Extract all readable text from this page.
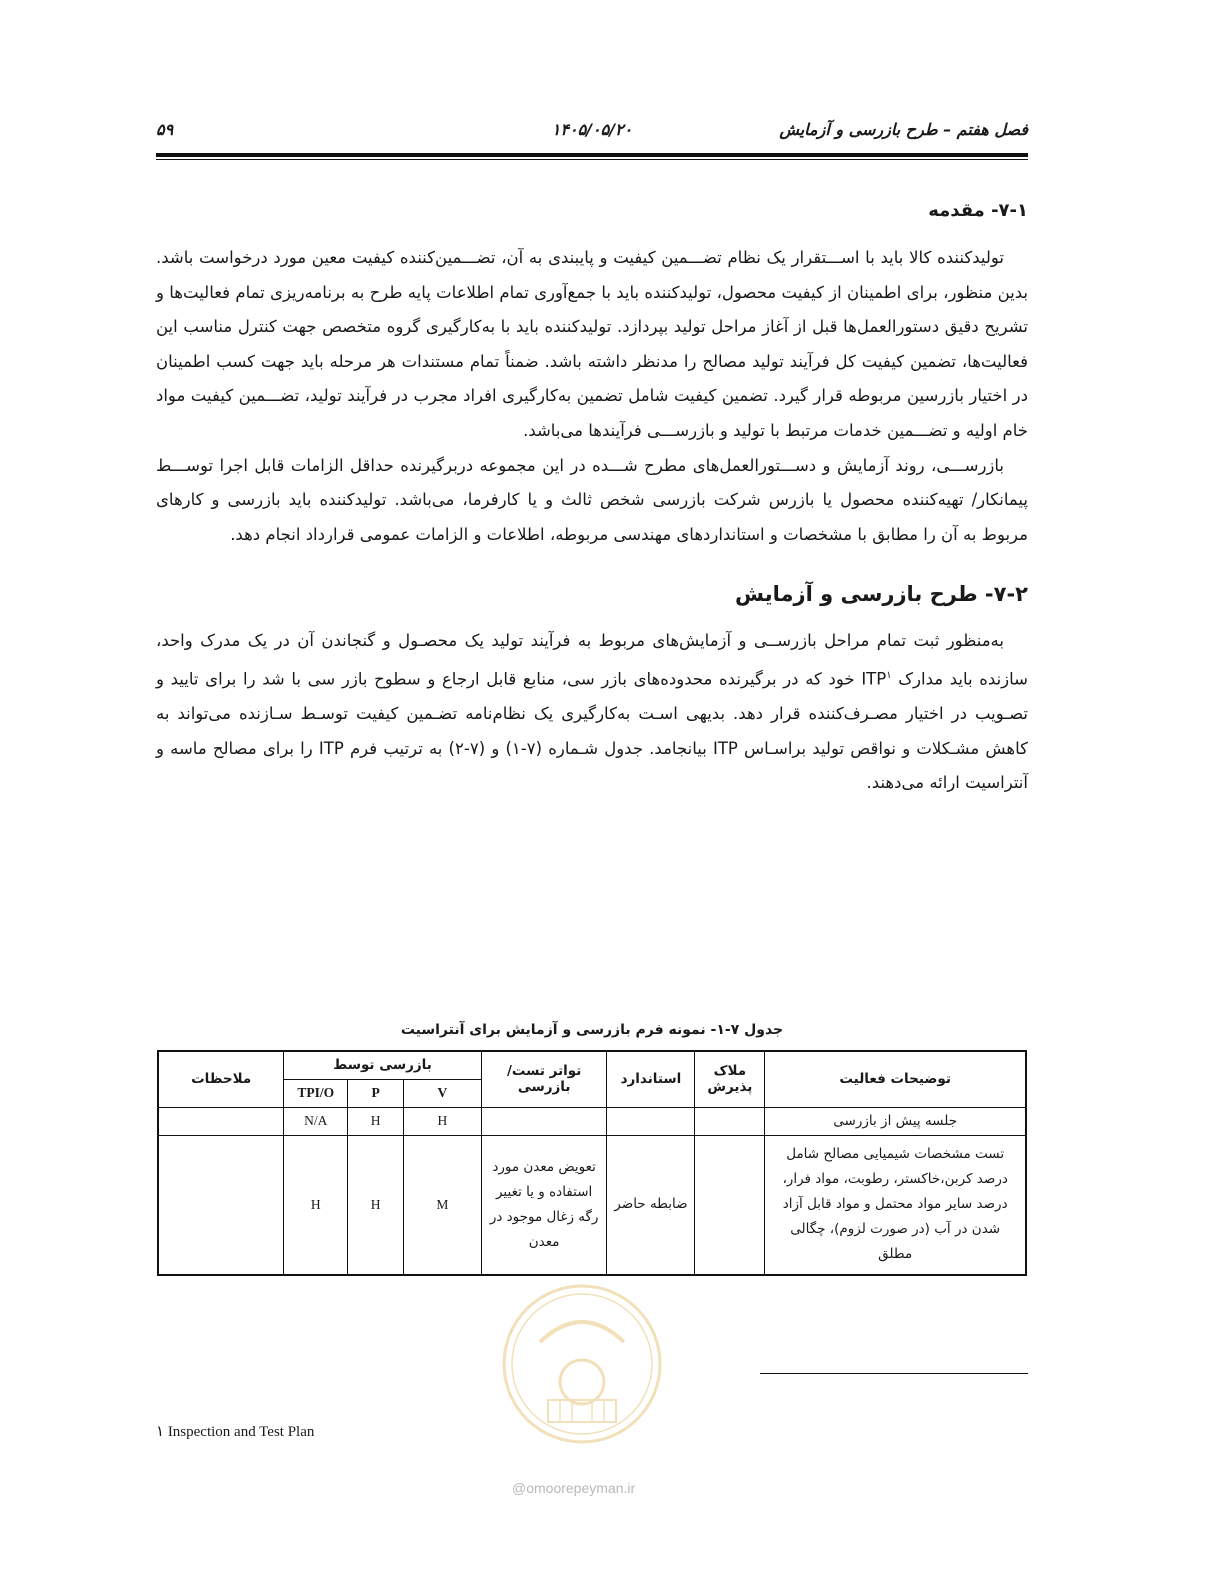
فصل هفتم – طرح بازرسی و آزمایش
۱۴۰۵/۰۵/۲۰
۵۹
۷-۱- مقدمه

تولیدکننده کالا باید با اســـتقرار یک نظام تضـــمین کیفیت و پایبندی به آن، تضـــمین‌کننده کیفیت معین مورد درخواست باشد. بدین منظور، برای اطمینان از کیفیت محصول، تولیدکننده باید با جمع‌آوری تمام اطلاعات پایه طرح به برنامه‌ریزی تمام فعالیت‌ها و تشریح دقیق دستورالعمل‌ها قبل از آغاز مراحل تولید بپردازد. تولیدکننده باید با به‌کارگیری گروه متخصص جهت کنترل مناسب این فعالیت‌ها، تضمین کیفیت کل فرآیند تولید مصالح را مدنظر داشته باشد. ضمناً تمام مستندات هر مرحله باید جهت کسب اطمینان در اختیار بازرسین مربوطه قرار گیرد. تضمین کیفیت شامل تضمین به‌کارگیری افراد مجرب در فرآیند تولید، تضـــمین کیفیت مواد خام اولیه و تضـــمین خدمات مرتبط با تولید و بازرســـی فرآیندها می‌باشد.

بازرســـی، روند آزمایش و دســـتورالعمل‌های مطرح شـــده در این مجموعه دربرگیرنده حداقل الزامات قابل اجرا توســـط پیمانکار/ تهیه‌کننده محصول یا بازرس شرکت بازرسی شخص ثالث و یا کارفرما، می‌باشد. تولیدکننده باید بازرسی و کارهای مربوط به آن را مطابق با مشخصات و استانداردهای مهندسی مربوطه، اطلاعات و الزامات عمومی قرارداد انجام دهد.

۷-۲- طرح بازرسی و آزمایش

به‌منظور ثبت تمام مراحل بازرســی و آزمایش‌های مربوط به فرآیند تولید یک محصـول و گنجاندن آن در یک مدرک واحد، سازنده باید مدارک ITP$^۱$ خود که در برگیرنده محدوده‌های بازر سی، منابع قابل ارجاع و سطوح بازر سی با شد را برای تایید و تصـویب در اختیار مصـرف‌کننده قرار دهد. بدیهی اسـت به‌کارگیری یک نظام‌نامه تضـمین کیفیت توسـط سـازنده می‌تواند به کاهش مشـکلات و نواقص تولید براسـاس ITP بیانجامد. جدول شـماره (۷-۱) و (۷-۲) به ترتیب فرم ITP را برای مصالح ماسه و آنتراسیت ارائه می‌دهند.

جدول ۷-۱- نمونه فرم بازرسی و آزمایش برای آنتراسیت
توضیحات فعالیت	ملاک پذیرش	استاندارد	تواتر تست/ بازرسی	بازرسی توسط			ملاحظات
				V	P	TPI/O	
جلسه پیش از بازرسی				H	H	N/A	
تست مشخصات شیمیایی مصالح شامل درصد کربن،خاکستر، رطوبت، مواد فرار، درصد سایر مواد محتمل و مواد قابل آزاد شدن در آب (در صورت لزوم)، چگالی مطلق		ضابطه حاضر	تعویض معدن مورد استفاده و یا تغییر رگه زغال موجود در معدن	M	H	H	
@omoorepeyman.ir
۱ Inspection and Test Plan
